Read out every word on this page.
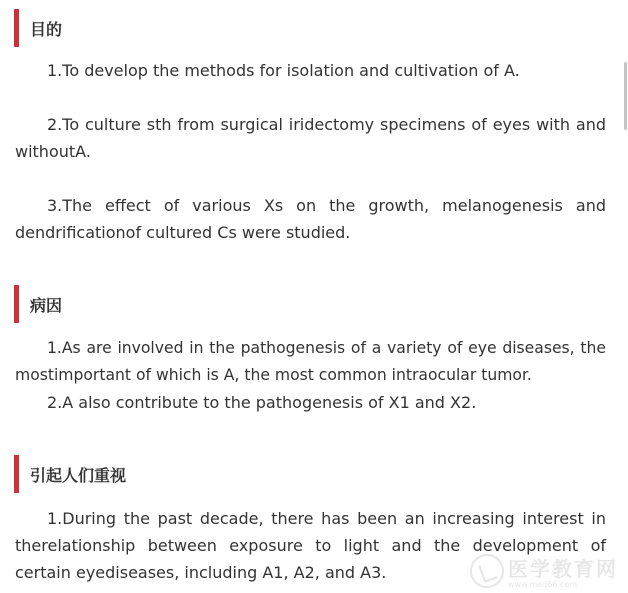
目的

1.To develop the methods for isolation and cultivation of A.

2.To culture sth from surgical iridectomy specimens of eyes with and withoutA.

3.The effect of various Xs on the growth, melanogenesis and dendrificationof cultured Cs were studied.

病因

1.As are involved in the pathogenesis of a variety of eye diseases, the mostimportant of which is A, the most common intraocular tumor.

2.A also contribute to the pathogenesis of X1 and X2.

引起人们重视

1.During the past decade, there has been an increasing interest in therelationship between exposure to light and the development of certain eyediseases, including A1, A2, and A3.	医学教育网
www.med66.com
